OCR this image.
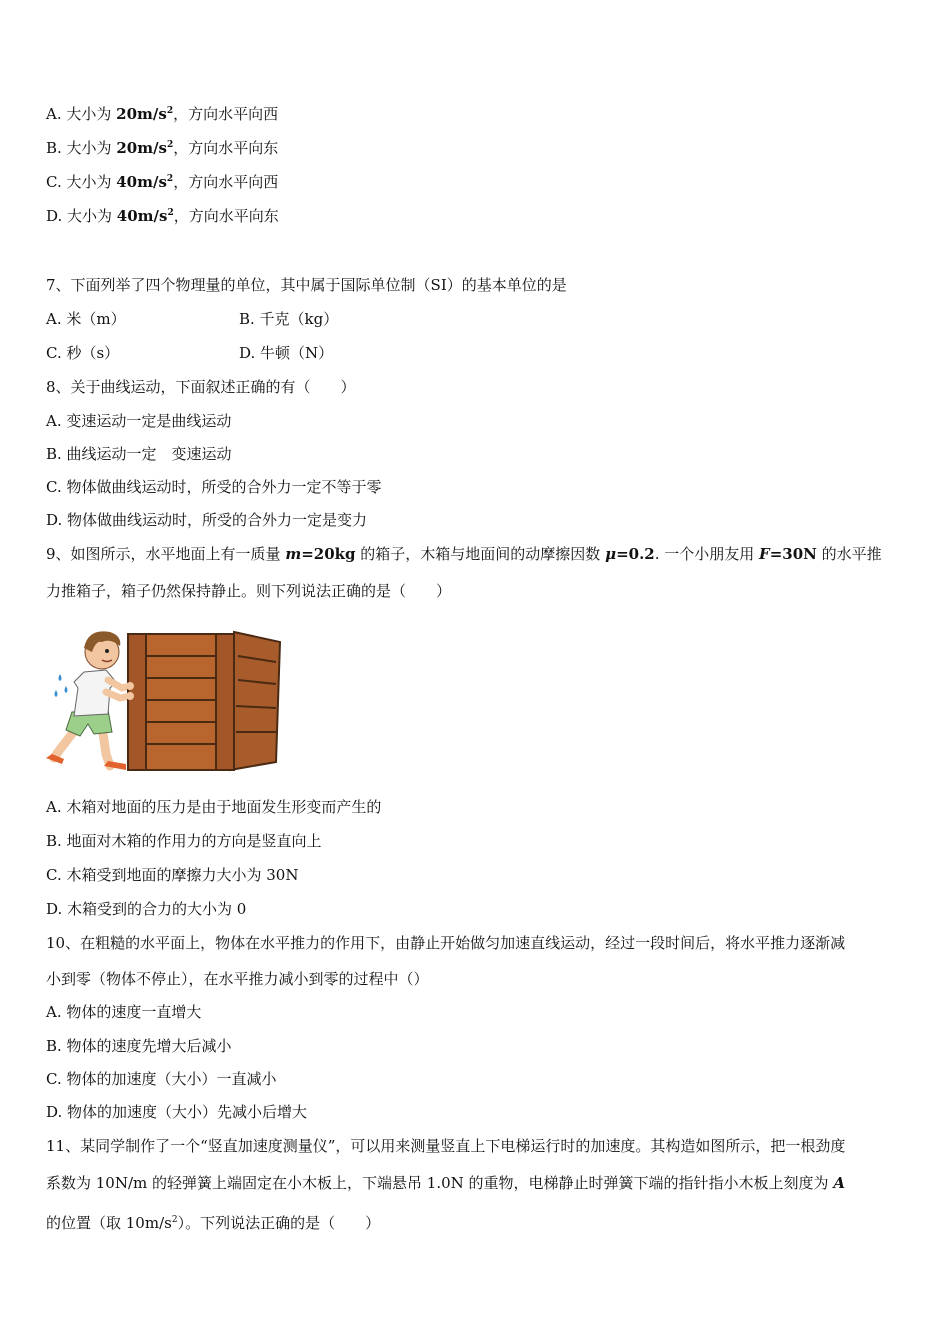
A. 大小为 $20m/s^2$，方向水平向西
B. 大小为 $20m/s^2$，方向水平向东
C. 大小为 $40m/s^2$，方向水平向西
D. 大小为 $40m/s^2$，方向水平向东
7、下面列举了四个物理量的单位，其中属于国际单位制（SI）的基本单位的是
A. 米（m）	B. 千克（kg）
C. 秒（s）	D. 牛顿（N）
8、关于曲线运动，下面叙述正确的有（　　）
A. 变速运动一定是曲线运动
B. 曲线运动一定　变速运动
C. 物体做曲线运动时，所受的合外力一定不等于零
D. 物体做曲线运动时，所受的合外力一定是变力
9、如图所示，水平地面上有一质量 m=20kg 的箱子，木箱与地面间的动摩擦因数 μ=0.2. 一个小朋友用 F=30N 的水平推
力推箱子，箱子仍然保持静止。则下列说法正确的是（　　）
A. 木箱对地面的压力是由于地面发生形变而产生的
B. 地面对木箱的作用力的方向是竖直向上
C. 木箱受到地面的摩擦力大小为 30N
D. 木箱受到的合力的大小为 0
10、在粗糙的水平面上，物体在水平推力的作用下，由静止开始做匀加速直线运动，经过一段时间后，将水平推力逐渐减
小到零（物体不停止），在水平推力减小到零的过程中（）
A. 物体的速度一直增大
B. 物体的速度先增大后减小
C. 物体的加速度（大小）一直减小
D. 物体的加速度（大小）先减小后增大
11、某同学制作了一个“竖直加速度测量仪”，可以用来测量竖直上下电梯运行时的加速度。其构造如图所示，把一根劲度
系数为 10N/m 的轻弹簧上端固定在小木板上，下端悬吊 1.0N 的重物，电梯静止时弹簧下端的指针指小木板上刻度为 A
的位置（取 $10m/s^2$）。下列说法正确的是（　　）
